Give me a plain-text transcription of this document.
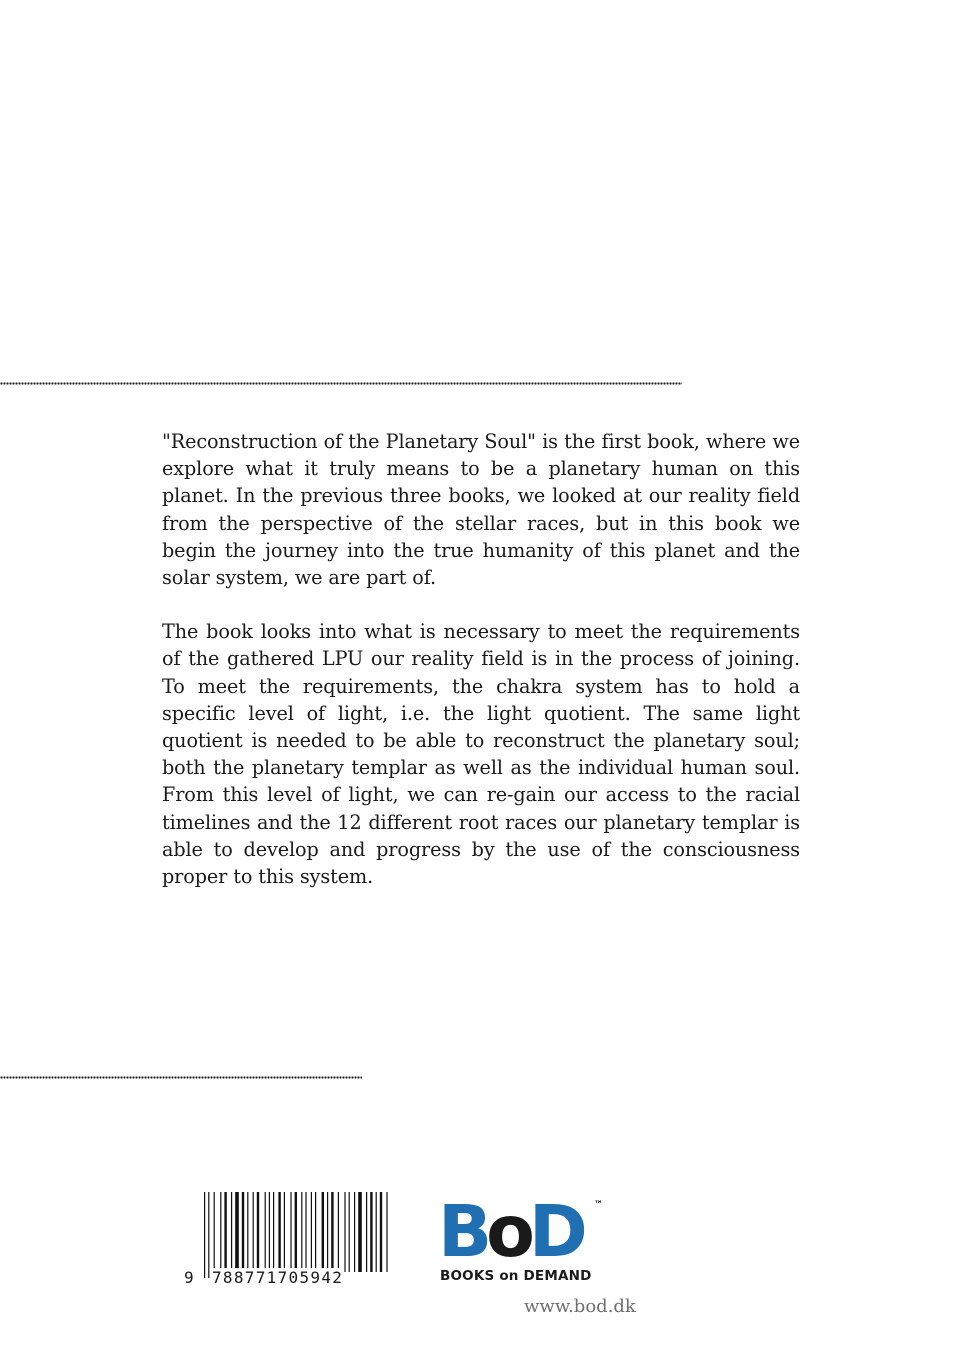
"Reconstruction of the Planetary Soul" is the first book, where we explore what it truly means to be a planetary human on this planet. In the previous three books, we looked at our reality field from the perspective of the stellar races, but in this book we begin the journey into the true humanity of this planet and the solar system, we are part of.

The book looks into what is necessary to meet the requirements of the gathered LPU our reality field is in the process of joining. To meet the requirements, the chakra system has to hold a specific level of light, i.e. the light quotient. The same light quotient is needed to be able to reconstruct the planetary soul; both the planetary templar as well as the individual human soul. From this level of light, we can re-gain our access to the racial timelines and the 12 different root races our planetary templar is able to develop and progress by the use of the consciousness proper to this system.

9 788771705942
BoD ™
BOOKS on DEMAND
www.bod.dk
